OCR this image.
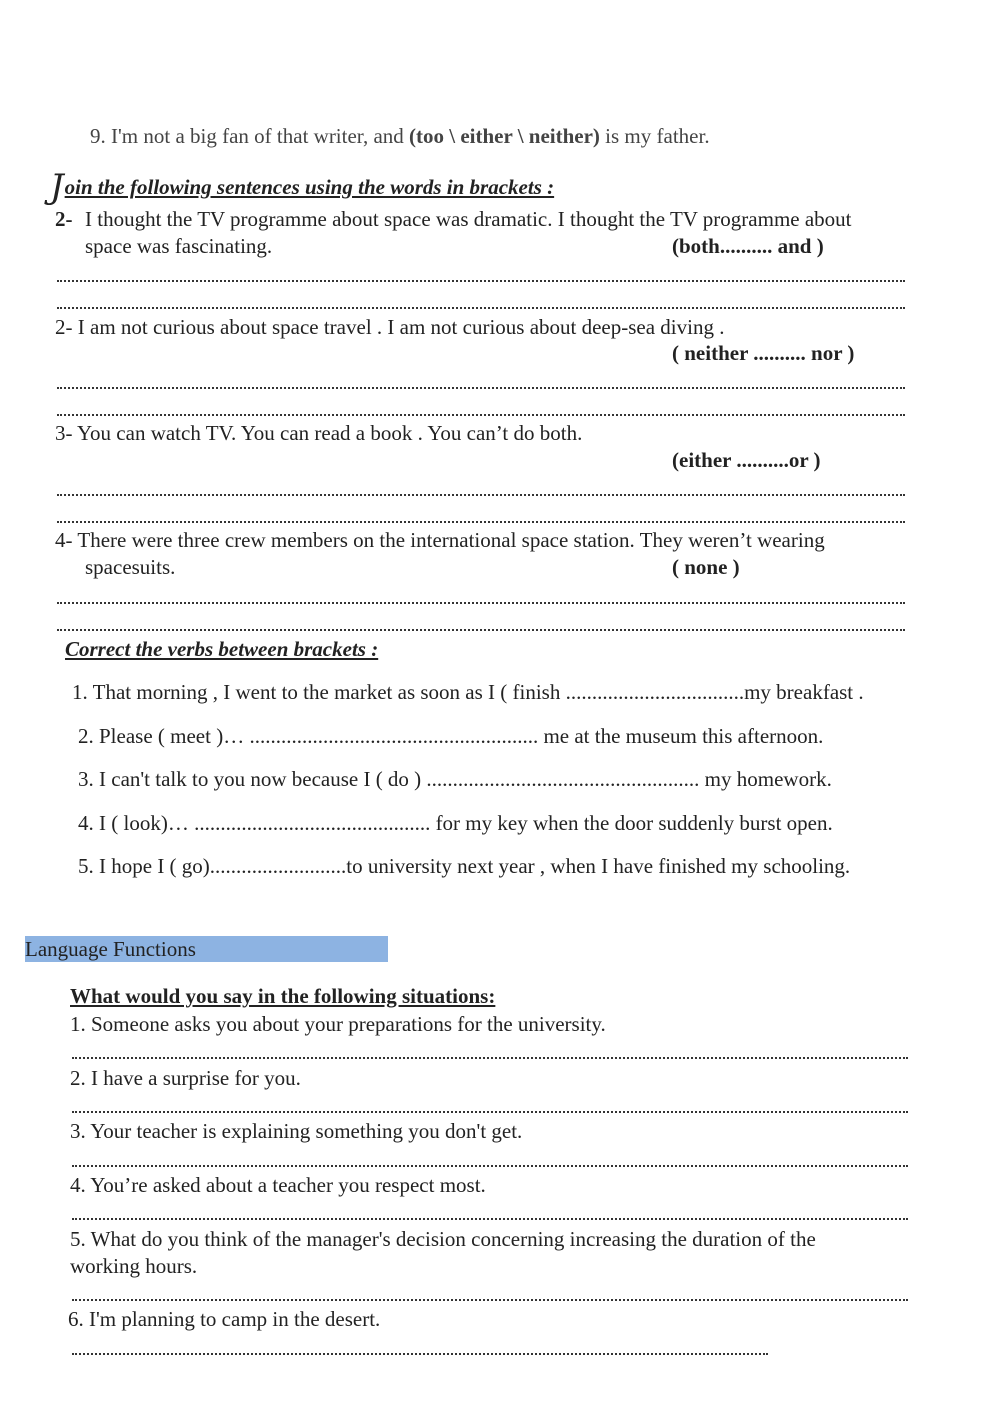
9. I'm not a big fan of that writer, and (too \ either \ neither) is my father.
Join the following sentences using the words in brackets :
2- I thought the TV programme about space was dramatic. I thought the TV programme about
space was fascinating.	(both.......... and )
2- I am not curious about space travel . I am not curious about deep-sea diving .
( neither .......... nor )
3- You can watch TV. You can read a book . You can’t do both.
(either ..........or )
4- There were three crew members on the international space station. They weren’t wearing
spacesuits.	( none )
Correct the verbs between brackets :
1. That morning , I went to the market as soon as I ( finish ..................................my breakfast .
2. Please ( meet )… ....................................................... me at the museum this afternoon.
3. I can't talk to you now because I ( do ) .................................................... my homework.
4. I ( look)… ............................................. for my key when the door suddenly burst open.
5. I hope I ( go)..........................to university next year , when I have finished my schooling.
Language Functions
What would you say in the following situations:
1. Someone asks you about your preparations for the university.
2. I have a surprise for you.
3. Your teacher is explaining something you don't get.
4. You’re asked about a teacher you respect most.
5. What do you think of the manager's decision concerning increasing the duration of the
working hours.
6. I'm planning to camp in the desert.
